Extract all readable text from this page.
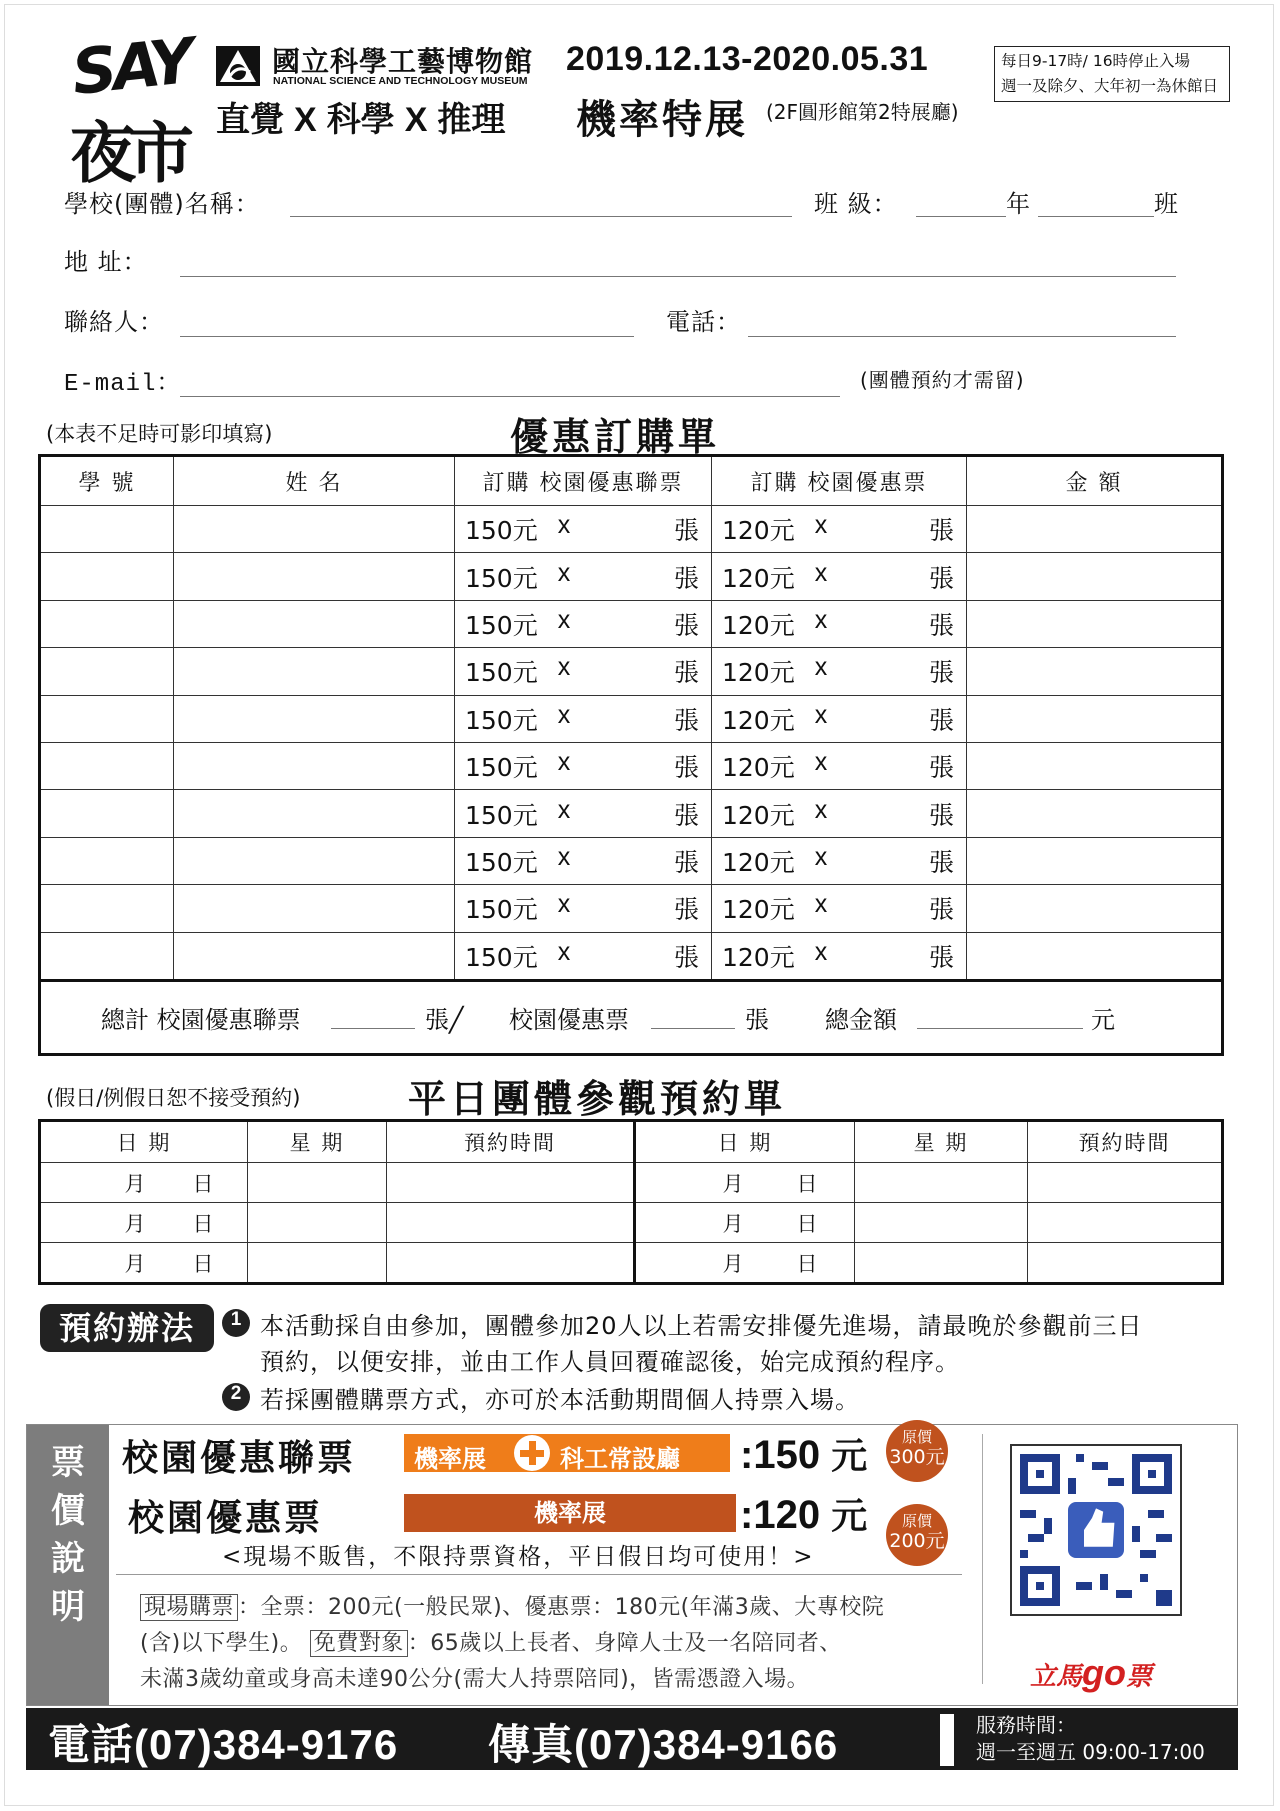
SAY
夜市
國立科學工藝博物館
NATIONAL SCIENCE AND TECHNOLOGY MUSEUM
2019.12.13-2020.05.31	每日9-17時/ 16時停止入場
週一及除夕、大年初一為休館日
直覺 X 科學 X 推理 機率特展 (2F圓形館第2特展廳)
學校(團體)名稱：	班 級：	年	班
地 址：
聯絡人：	電話：
E-mail：	(團體預約才需留)
(本表不足時可影印填寫)	優惠訂購單
學 號	姓 名	訂購 校園優惠聯票	訂購 校園優惠票	金 額

		150元 x 張	120元 x 張	

		150元 x 張	120元 x 張	

		150元 x 張	120元 x 張	

		150元 x 張	120元 x 張	

		150元 x 張	120元 x 張	

		150元 x 張	120元 x 張	

		150元 x 張	120元 x 張	

		150元 x 張	120元 x 張	

		150元 x 張	120元 x 張	

		150元 x 張	120元 x 張	

總計 校園優惠聯票	張╱ 校園優惠票	張 總金額	元
(假日/例假日恕不接受預約)	平日團體參觀預約單
日 期	星 期	預約時間	日 期	星 期	預約時間

月 日			月 日		

月 日			月 日		

月 日			月 日		

預約辦法	1 本活動採自由參加，團體參加20人以上若需安排優先進場，請最晚於參觀前三日
預約，以便安排，並由工作人員回覆確認後，始完成預約程序。
2 若採團體購票方式，亦可於本活動期間個人持票入場。
票
價
說
明
校園優惠聯票 機率展	科工常設廳 :150 元	原價
300元
校園優惠票	機率展	:120 元	原價
200元
<現場不販售，不限持票資格，平日假日均可使用！>
現場購票 ：全票：200元(一般民眾)、優惠票：180元(年滿3歲、大專校院
(含)以下學生)。 免費對象 ：65歲以上長者、身障人士及一名陪同者、
未滿3歲幼童或身高未達90公分(需大人持票陪同)，皆需憑證入場。	立馬go票
電話(07)384-9176 傳真(07)384-9166	服務時間：
週一至週五 09:00-17:00
